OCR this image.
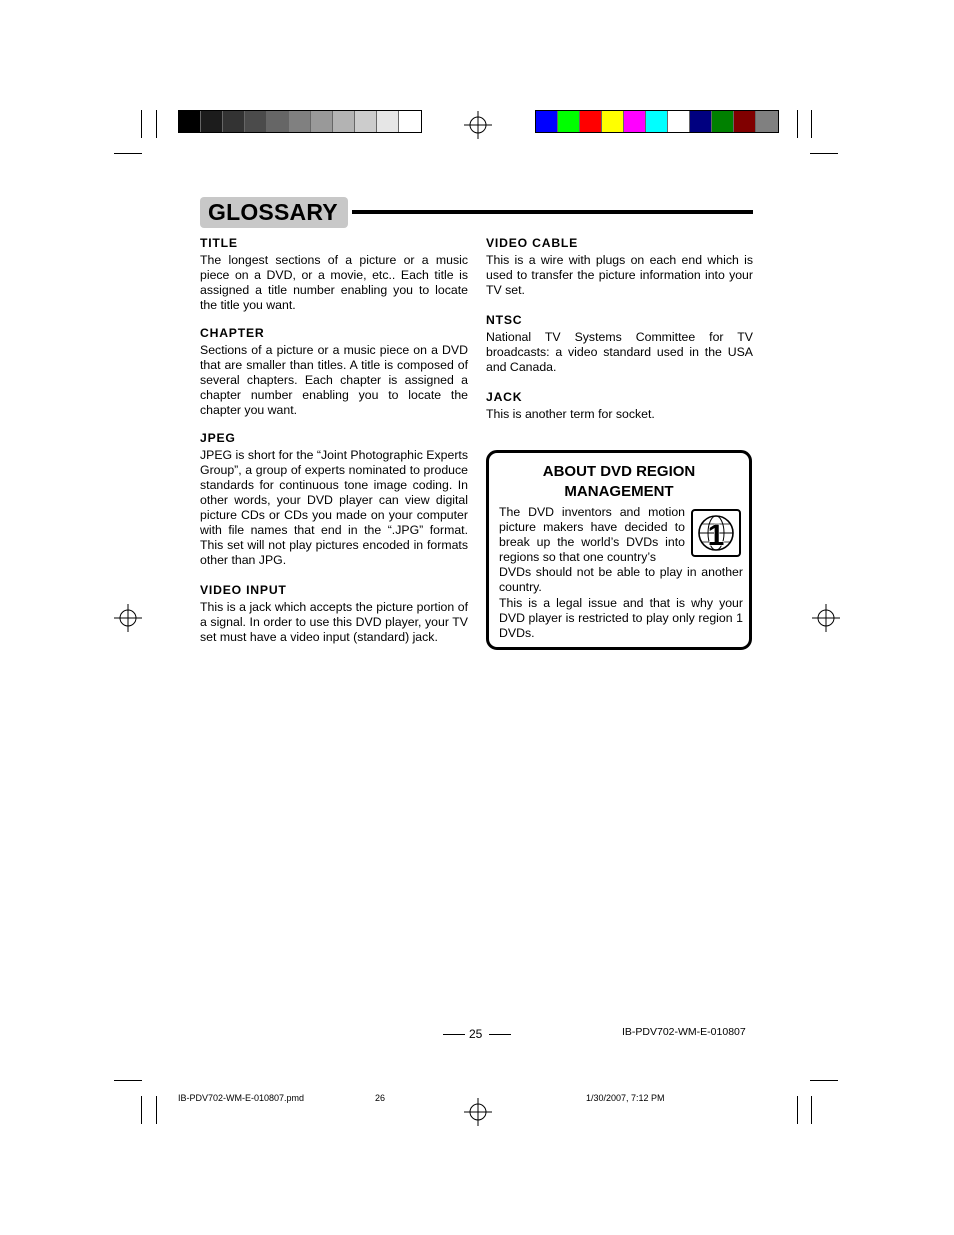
GLOSSARY

TITLE

The longest sections of a picture or a music piece on a DVD, or a movie, etc.. Each title is assigned a title number enabling you to locate the title you want.

CHAPTER

Sections of a picture or a music piece on a DVD that are smaller than titles. A title is composed of several chapters. Each chapter is assigned a chapter number enabling you to locate the chapter you want.

JPEG

JPEG is short for the “Joint Photographic Experts Group”, a group of experts nominated to produce standards for continuous tone image coding. In other words, your DVD player can view digital picture CDs or CDs you made on your computer with file names that end in the “.JPG” format. This set will not play pictures encoded in formats other than JPG.

VIDEO INPUT

This is a jack which accepts the picture portion of a signal. In order to use this DVD player, your TV set must have a video input (standard) jack.

VIDEO CABLE

This is a wire with plugs on each end which is used to transfer the picture information into your TV set.

NTSC

National TV Systems Committee for TV broadcasts: a video standard used in the USA and Canada.

JACK

This is another term for socket.

ABOUT DVD REGION
MANAGEMENT
The DVD inventors and motion picture makers have decided to break up the world’s DVDs into regions so that one country’s
DVDs should not be able to play in another country.
This is a legal issue and that is why your DVD player is restricted to play only region 1 DVDs.
1
25	IB-PDV702-WM-E-010807
IB-PDV702-WM-E-010807.pmd	26	1/30/2007, 7:12 PM
